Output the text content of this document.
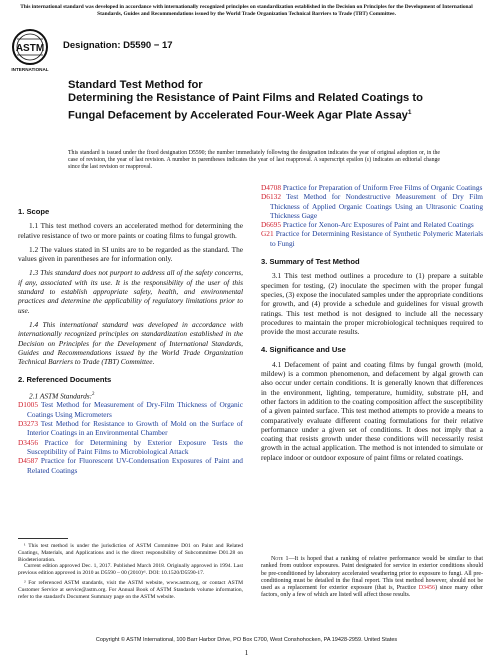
This international standard was developed in accordance with internationally recognized principles on standardization established in the Decision on Principles for the Development of International Standards, Guides and Recommendations issued by the World Trade Organization Technical Barriers to Trade (TBT) Committee.
ASTM
INTERNATIONAL
Designation: D5590 − 17
Standard Test Method for
Determining the Resistance of Paint Films and Related Coatings to Fungal Defacement by Accelerated Four-Week Agar Plate Assay$^1$
This standard is issued under the fixed designation D5590; the number immediately following the designation indicates the year of original adoption or, in the case of revision, the year of last revision. A number in parentheses indicates the year of last reapproval. A superscript epsilon (ε) indicates an editorial change since the last revision or reapproval.

1. Scope

1.1 This test method covers an accelerated method for determining the relative resistance of two or more paints or coating films to fungal growth.

1.2 The values stated in SI units are to be regarded as the standard. The values given in parentheses are for information only.

1.3 This standard does not purport to address all of the safety concerns, if any, associated with its use. It is the responsibility of the user of this standard to establish appropriate safety, health, and environmental practices and determine the applicability of regulatory limitations prior to use.

1.4 This international standard was developed in accordance with internationally recognized principles on standardization established in the Decision on Principles for the Development of International Standards, Guides and Recommendations issued by the World Trade Organization Technical Barriers to Trade (TBT) Committee.

2. Referenced Documents

2.1 ASTM Standards:$^2$

D1005 Test Method for Measurement of Dry-Film Thickness of Organic Coatings Using Micrometers

D3273 Test Method for Resistance to Growth of Mold on the Surface of Interior Coatings in an Environmental Chamber

D3456 Practice for Determining by Exterior Exposure Tests the Susceptibility of Paint Films to Microbiological Attack

D4587 Practice for Fluorescent UV-Condensation Exposures of Paint and Related Coatings

¹ This test method is under the jurisdiction of ASTM Committee D01 on Paint and Related Coatings, Materials, and Applications and is the direct responsibility of Subcommittee D01.28 on Biodeterioration.

Current edition approved Dec. 1, 2017. Published March 2018. Originally approved in 1994. Last previous edition approved in 2010 as D5590 – 00 (2010)ᵋ¹. DOI: 10.1520/D5590-17.

² For referenced ASTM standards, visit the ASTM website, www.astm.org, or contact ASTM Customer Service at service@astm.org. For Annual Book of ASTM Standards volume information, refer to the standard's Document Summary page on the ASTM website.

D4708 Practice for Preparation of Uniform Free Films of Organic Coatings

D6132 Test Method for Nondestructive Measurement of Dry Film Thickness of Applied Organic Coatings Using an Ultrasonic Coating Thickness Gage

D6695 Practice for Xenon-Arc Exposures of Paint and Related Coatings

G21 Practice for Determining Resistance of Synthetic Polymeric Materials to Fungi

3. Summary of Test Method

3.1 This test method outlines a procedure to (1) prepare a suitable specimen for testing, (2) inoculate the specimen with the proper fungal species, (3) expose the inoculated samples under the appropriate conditions for growth, and (4) provide a schedule and guidelines for visual growth ratings. This test method is not designed to include all the necessary procedures to maintain the proper microbiological techniques required to provide the most accurate results.

4. Significance and Use

4.1 Defacement of paint and coating films by fungal growth (mold, mildew) is a common phenomenon, and defacement by algal growth can also occur under certain conditions. It is generally known that differences in the environment, lighting, temperature, humidity, substrate pH, and other factors in addition to the coating composition affect the susceptibility of a given painted surface. This test method attempts to provide a means to comparatively evaluate different coating formulations for their relative performance under a given set of conditions. It does not imply that a coating that resists growth under these conditions will necessarily resist growth in the actual application. The method is not intended to simulate or replace indoor or outdoor exposure of paint films or related coatings.

Note 1—It is hoped that a ranking of relative performance would be similar to that ranked from outdoor exposures. Paint designated for service in exterior conditions should be pre-conditioned by laboratory accelerated weathering prior to exposure to fungi. All pre-conditioning must be detailed in the final report. This test method however, should not be used as a replacement for exterior exposure (that is, Practice D3456) since many other factors, only a few of which are listed will affect those results.
Copyright © ASTM International, 100 Barr Harbor Drive, PO Box C700, West Conshohocken, PA 19428-2959. United States
1
